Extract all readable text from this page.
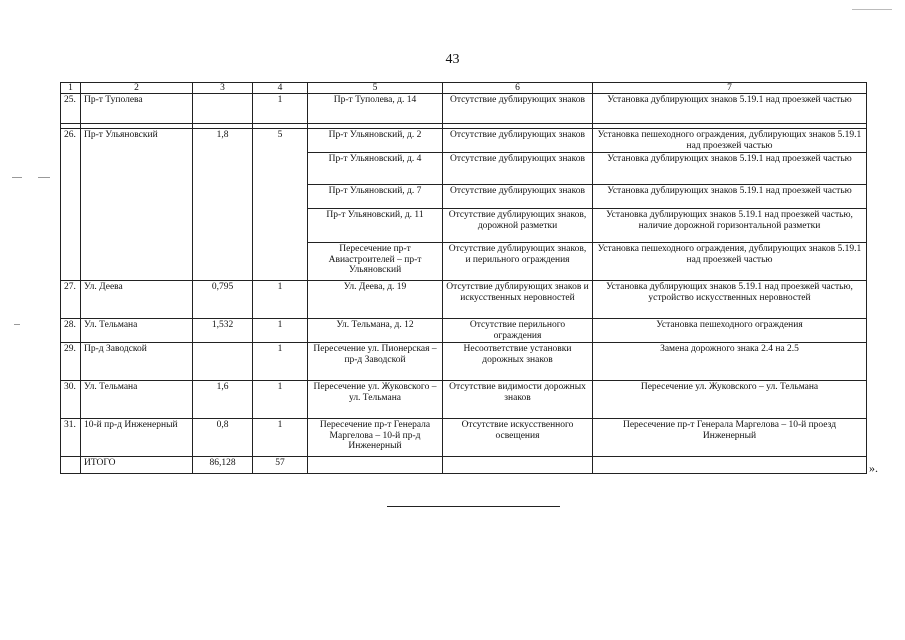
43
1	2	3	4	5	6	7
25.	Пр-т Туполева		1	Пр-т Туполева, д. 14	Отсутствие дублирующих знаков	Установка дублирующих знаков 5.19.1 над проезжей частью

26.	Пр-т Ульяновский	1,8	5	Пр-т Ульяновский, д. 2	Отсутствие дублирующих знаков	Установка пешеходного ограждения, дублирующих знаков 5.19.1 над проезжей частью
				Пр-т Ульяновский, д. 4	Отсутствие дублирующих знаков	Установка дублирующих знаков 5.19.1 над проезжей частью
				Пр-т Ульяновский, д. 7	Отсутствие дублирующих знаков	Установка дублирующих знаков 5.19.1 над проезжей частью
				Пр-т Ульяновский, д. 11	Отсутствие дублирующих знаков, дорожной разметки	Установка дублирующих знаков 5.19.1 над проезжей частью, наличие дорожной горизонтальной разметки
				Пересечение пр-т Авиастроителей – пр-т Ульяновский	Отсутствие дублирующих знаков, и перильного ограждения	Установка пешеходного ограждения, дублирующих знаков 5.19.1 над проезжей частью
27.	Ул. Деева	0,795	1	Ул. Деева, д. 19	Отсутствие дублирующих знаков и искусственных неровностей	Установка дублирующих знаков 5.19.1 над проезжей частью, устройство искусственных неровностей
28.	Ул. Тельмана	1,532	1	Ул. Тельмана, д. 12	Отсутствие перильного ограждения	Установка пешеходного ограждения
29.	Пр-д Заводской		1	Пересечение ул. Пионерская – пр-д Заводской	Несоответствие установки дорожных знаков	Замена дорожного знака 2.4 на 2.5
30.	Ул. Тельмана	1,6	1	Пересечение ул. Жуковского – ул. Тельмана	Отсутствие видимости дорожных знаков	Пересечение ул. Жуковского – ул. Тельмана
31.	10-й пр-д Инженерный	0,8	1	Пересечение пр-т Генерала Маргелова – 10-й пр-д Инженерный	Отсутствие искусственного освещения	Пересечение пр-т Генерала Маргелова – 10-й проезд Инженерный
	ИТОГО	86,128	57				».
